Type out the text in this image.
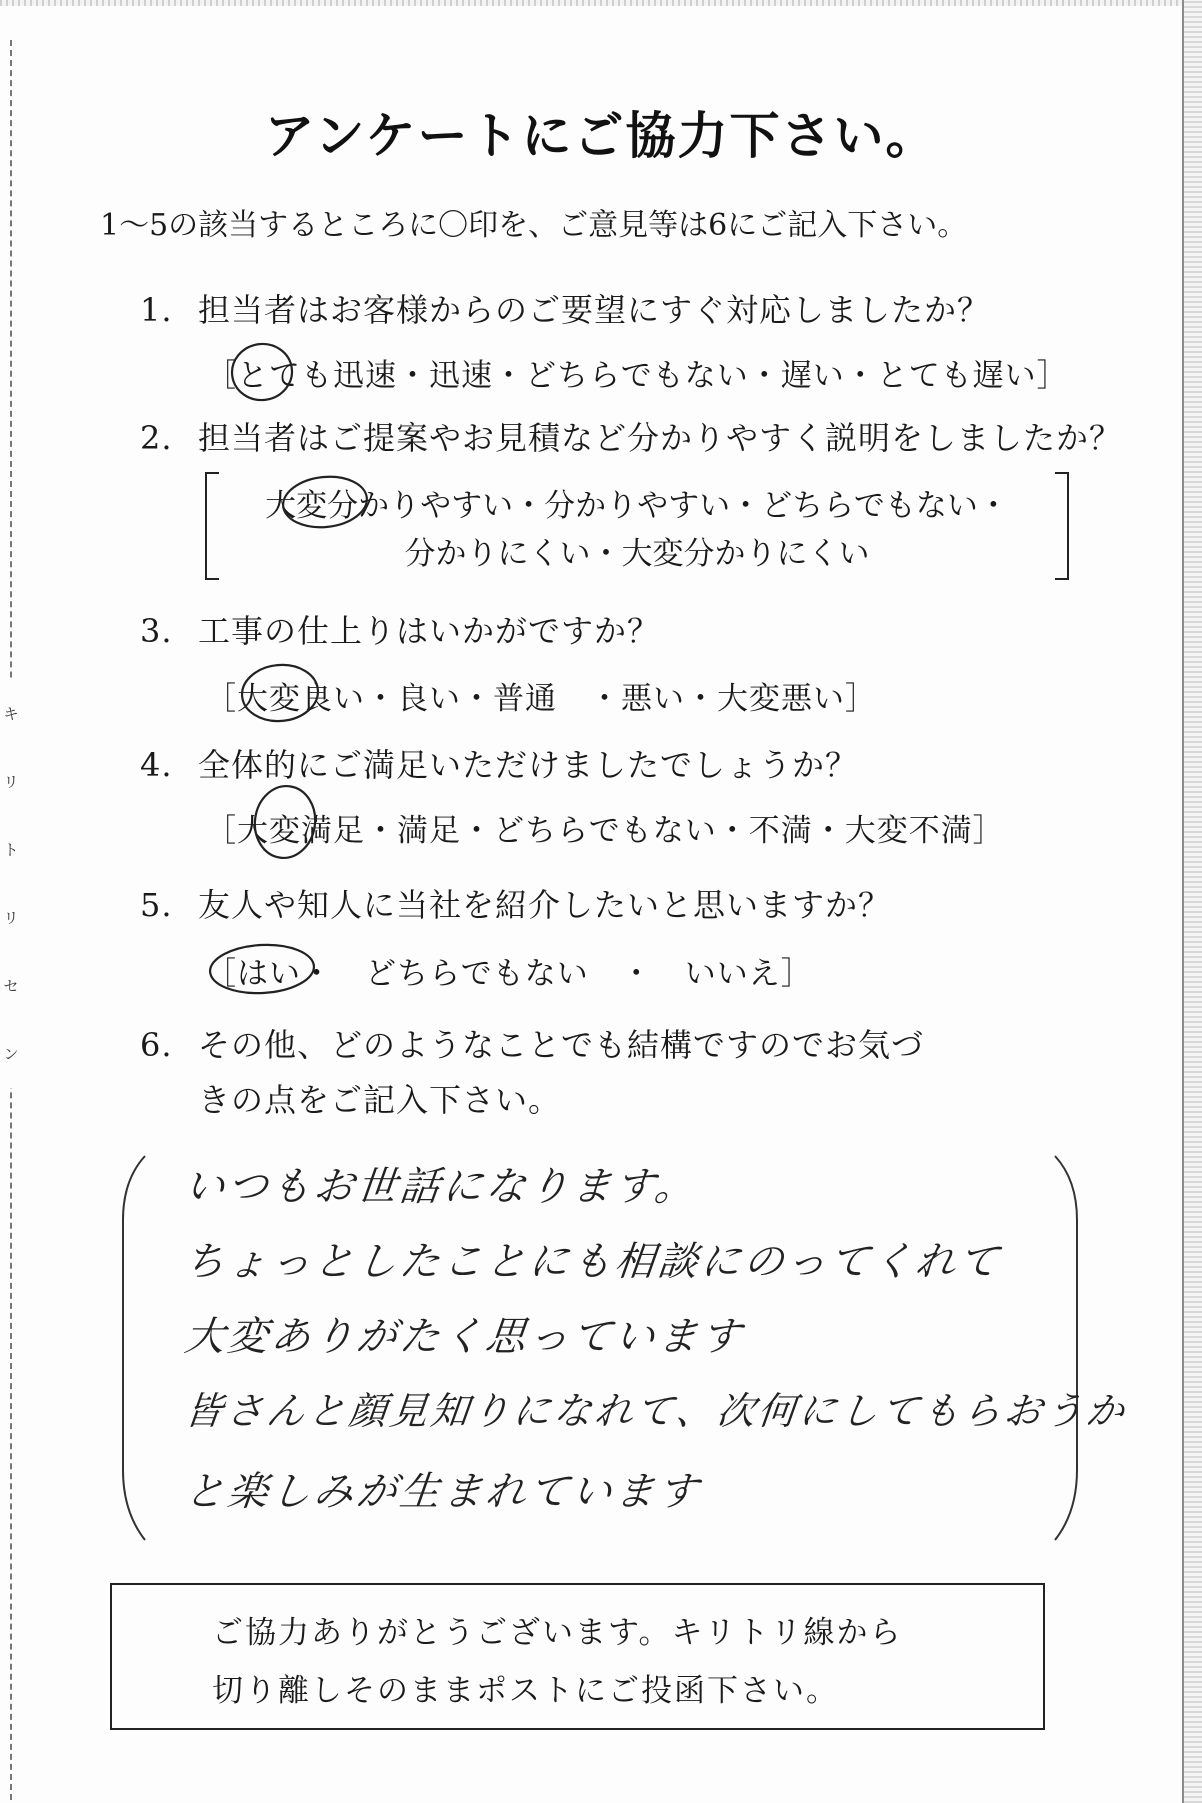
キ
リ
ト
リ
セ
ン
アンケートにご協力下さい。
1～5の該当するところに〇印を、ご意見等は6にご記入下さい。
1. 担当者はお客様からのご要望にすぐ対応しましたか？
［とても迅速・迅速・どちらでもない・遅い・とても遅い］
2. 担当者はご提案やお見積など分かりやすく説明をしましたか？
大変分かりやすい・分かりやすい・どちらでもない・
分かりにくい・大変分かりにくい
3. 工事の仕上りはいかがですか？
［大変良い・良い・普通　・悪い・大変悪い］
4. 全体的にご満足いただけましたでしょうか？
［大変満足・満足・どちらでもない・不満・大変不満］
5. 友人や知人に当社を紹介したいと思いますか？
［はい・　どちらでもない　・　いいえ］
6. その他、どのようなことでも結構ですのでお気づ
きの点をご記入下さい。
いつもお世話になります。
ちょっとしたことにも相談にのってくれて
大変ありがたく思っています
皆さんと顔見知りになれて、次何にしてもらおうか
と楽しみが生まれています
ご協力ありがとうございます。キリトリ線から
切り離しそのままポストにご投函下さい。
